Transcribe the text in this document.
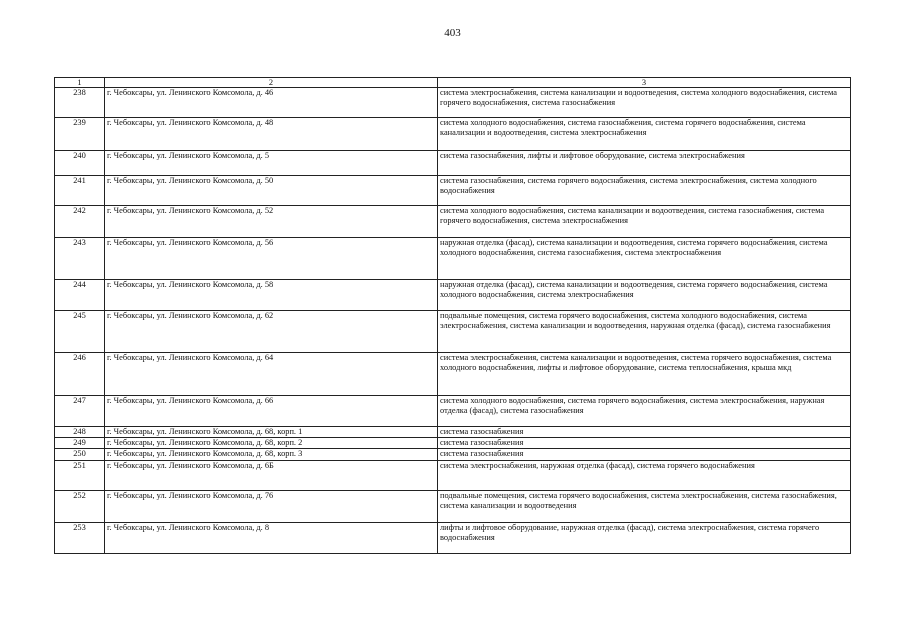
403
1	2	3
238	г. Чебоксары, ул. Ленинского Комсомола, д. 46	система электроснабжения, система канализации и водоотведения, система холодного водоснабжения, система горячего водоснабжения, система газоснабжения
239	г. Чебоксары, ул. Ленинского Комсомола, д. 48	система холодного водоснабжения, система газоснабжения, система горячего водоснабжения, система канализации и водоотведения, система электроснабжения
240	г. Чебоксары, ул. Ленинского Комсомола, д. 5	система газоснабжения, лифты и лифтовое оборудование, система электроснабжения
241	г. Чебоксары, ул. Ленинского Комсомола, д. 50	система газоснабжения, система горячего водоснабжения, система электроснабжения, система холодного водоснабжения
242	г. Чебоксары, ул. Ленинского Комсомола, д. 52	система холодного водоснабжения, система канализации и водоотведения, система газоснабжения, система горячего водоснабжения, система электроснабжения
243	г. Чебоксары, ул. Ленинского Комсомола, д. 56	наружная отделка (фасад), система канализации и водоотведения, система горячего водоснабжения, система холодного водоснабжения, система газоснабжения, система электроснабжения
244	г. Чебоксары, ул. Ленинского Комсомола, д. 58	наружная отделка (фасад), система канализации и водоотведения, система горячего водоснабжения, система холодного водоснабжения, система электроснабжения
245	г. Чебоксары, ул. Ленинского Комсомола, д. 62	подвальные помещения, система горячего водоснабжения, система холодного водоснабжения, система электроснабжения, система канализации и водоотведения, наружная отделка (фасад), система газоснабжения
246	г. Чебоксары, ул. Ленинского Комсомола, д. 64	система электроснабжения, система канализации и водоотведения, система горячего водоснабжения, система холодного водоснабжения, лифты и лифтовое оборудование, система теплоснабжения, крыша мкд
247	г. Чебоксары, ул. Ленинского Комсомола, д. 66	система холодного водоснабжения, система горячего водоснабжения, система электроснабжения, наружная отделка (фасад), система газоснабжения
248	г. Чебоксары, ул. Ленинского Комсомола, д. 68, корп. 1	система газоснабжения
249	г. Чебоксары, ул. Ленинского Комсомола, д. 68, корп. 2	система газоснабжения
250	г. Чебоксары, ул. Ленинского Комсомола, д. 68, корп. 3	система газоснабжения
251	г. Чебоксары, ул. Ленинского Комсомола, д. 6Б	система электроснабжения, наружная отделка (фасад), система горячего водоснабжения
252	г. Чебоксары, ул. Ленинского Комсомола, д. 76	подвальные помещения, система горячего водоснабжения, система электроснабжения, система газоснабжения, система канализации и водоотведения
253	г. Чебоксары, ул. Ленинского Комсомола, д. 8	лифты и лифтовое оборудование, наружная отделка (фасад), система электроснабжения, система горячего водоснабжения
